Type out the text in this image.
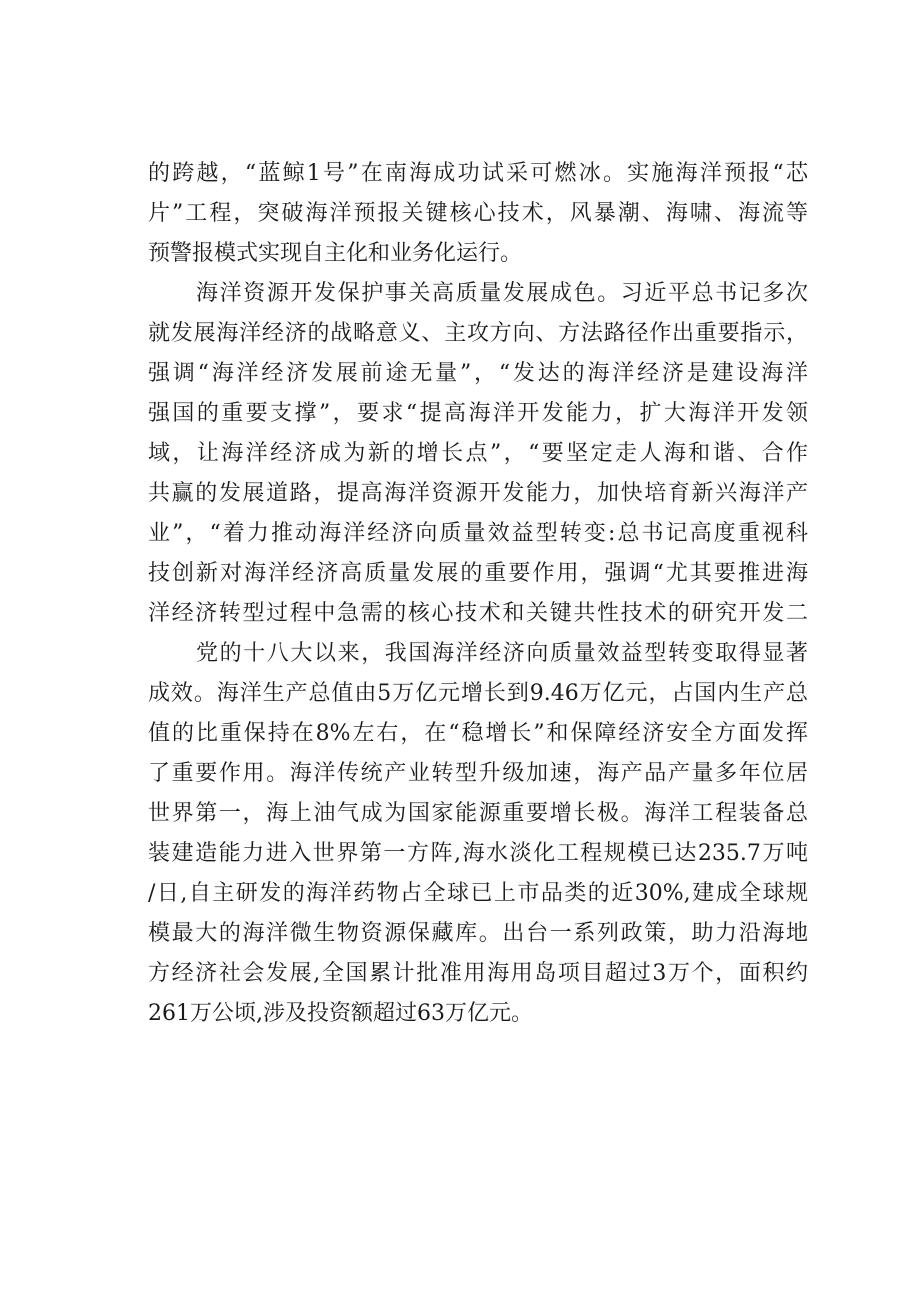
的跨越，“蓝鲸1号”在南海成功试采可燃冰。实施海洋预报“芯
片”工程，突破海洋预报关键核心技术，风暴潮、海啸、海流等
预警报模式实现自主化和业务化运行。

海洋资源开发保护事关高质量发展成色。习近平总书记多次
就发展海洋经济的战略意义、主攻方向、方法路径作出重要指示，
强调“海洋经济发展前途无量”，“发达的海洋经济是建设海洋
强国的重要支撑”，要求“提高海洋开发能力，扩大海洋开发领
域，让海洋经济成为新的增长点”，“要坚定走人海和谐、合作
共赢的发展道路，提高海洋资源开发能力，加快培育新兴海洋产
业”，“着力推动海洋经济向质量效益型转变:总书记高度重视科
技创新对海洋经济高质量发展的重要作用，强调“尤其要推进海
洋经济转型过程中急需的核心技术和关键共性技术的研究开发二

党的十八大以来，我国海洋经济向质量效益型转变取得显著
成效。海洋生产总值由5万亿元增长到9.46万亿元，占国内生产总
值的比重保持在8%左右，在“稳增长”和保障经济安全方面发挥
了重要作用。海洋传统产业转型升级加速，海产品产量多年位居
世界第一，海上油气成为国家能源重要增长极。海洋工程装备总
装建造能力进入世界第一方阵,海水淡化工程规模已达235.7万吨
/日,自主研发的海洋药物占全球已上市品类的近30%,建成全球规
模最大的海洋微生物资源保藏库。出台一系列政策，助力沿海地
方经济社会发展,全国累计批准用海用岛项目超过3万个，面积约
261万公顷,涉及投资额超过63万亿元。
